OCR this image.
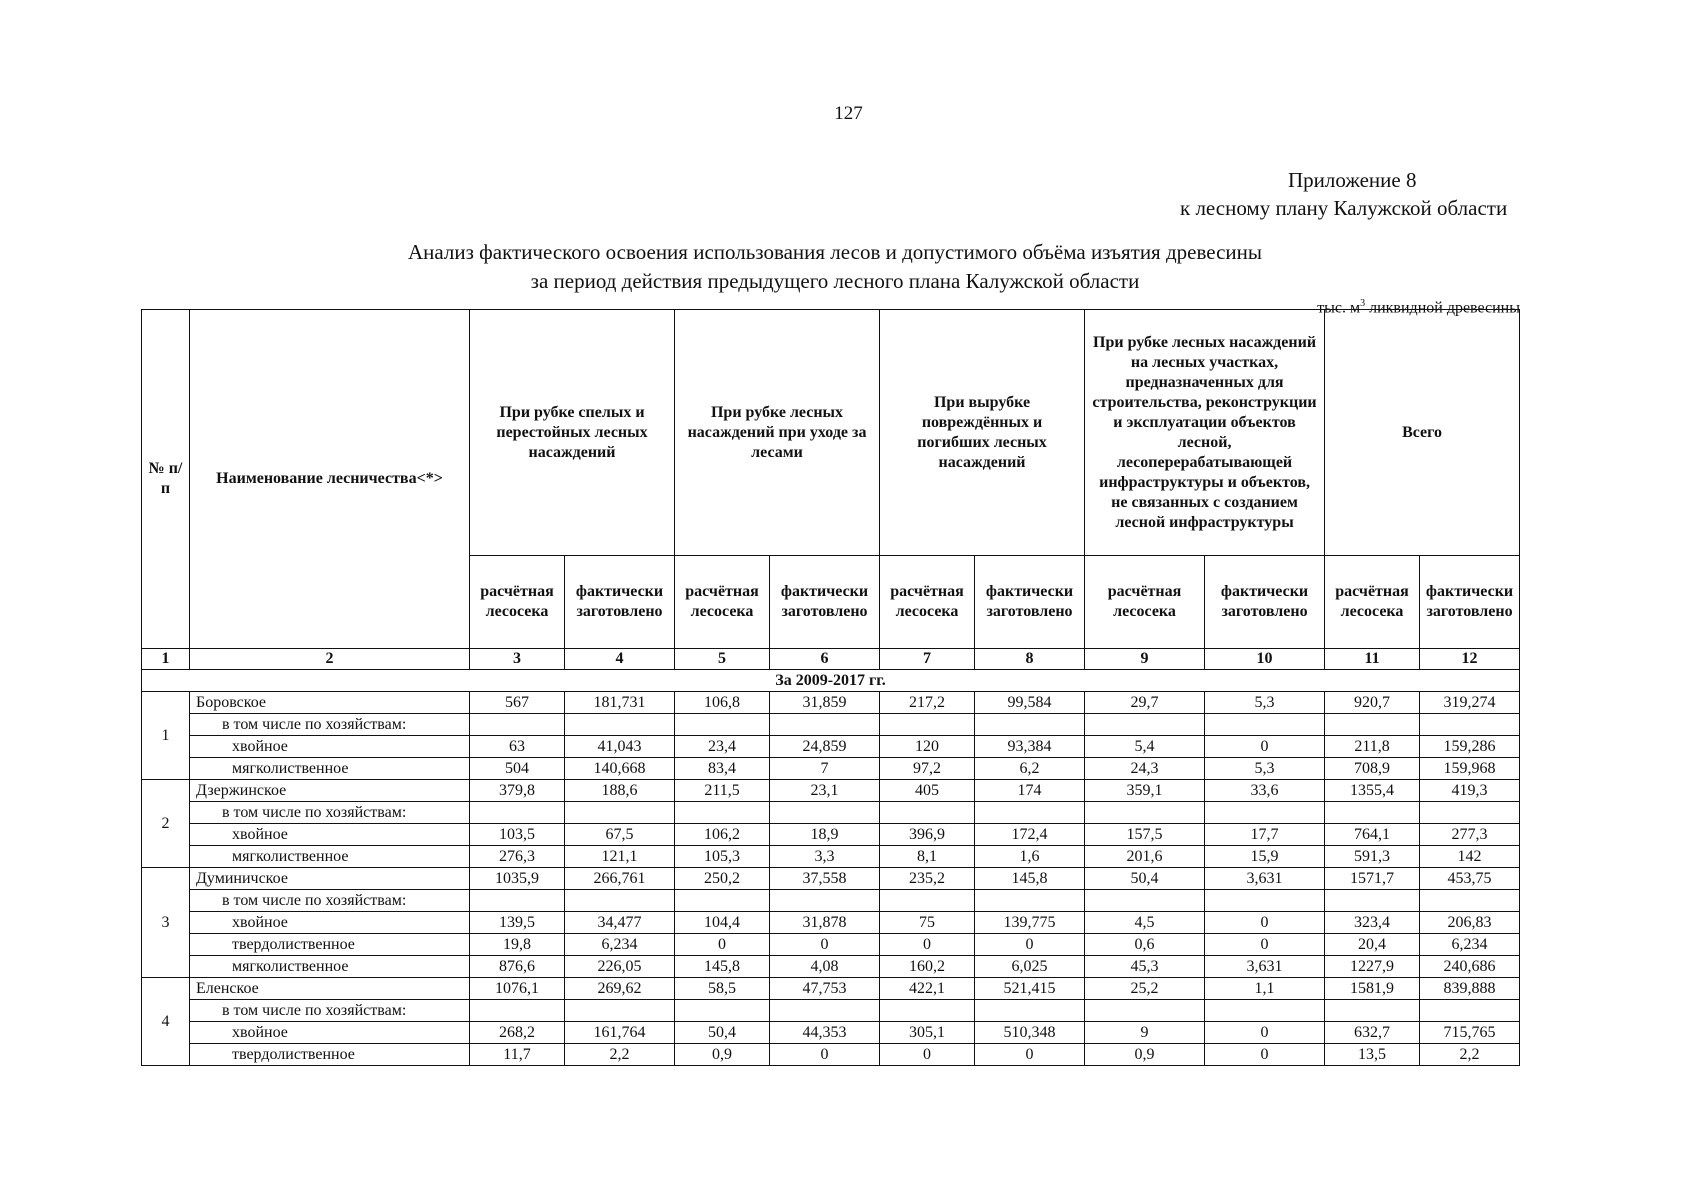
127
Приложение 8
к лесному плану Калужской области
Анализ фактического освоения использования лесов и допустимого объёма изъятия древесины
за период действия предыдущего лесного плана Калужской области
тыс. $м^3$ ликвидной древесины
№ п/п	Наименование лесничества<*>	При рубке спелых и перестойных лесных насаждений		При рубке лесных насаждений при уходе за лесами		При вырубке повреждённых и погибших лесных насаждений		При рубке лесных насаждений на лесных участках, предназначенных для строительства, реконструкции и эксплуатации объектов лесной, лесоперерабатывающей инфраструктуры и объектов, не связанных с созданием лесной инфраструктуры		Всего	
		расчётная лесосека	фактически заготовлено	расчётная лесосека	фактически заготовлено	расчётная лесосека	фактически заготовлено	расчётная лесосека	фактически заготовлено	расчётная лесосека	фактически заготовлено
1	2	3	4	5	6	7	8	9	10	11	12
За 2009-2017 гг.											
1	Боровское	567	181,731	106,8	31,859	217,2	99,584	29,7	5,3	920,7	319,274
	в том числе по хозяйствам:										
	хвойное	63	41,043	23,4	24,859	120	93,384	5,4	0	211,8	159,286
	мягколиственное	504	140,668	83,4	7	97,2	6,2	24,3	5,3	708,9	159,968
2	Дзержинское	379,8	188,6	211,5	23,1	405	174	359,1	33,6	1355,4	419,3
	в том числе по хозяйствам:										
	хвойное	103,5	67,5	106,2	18,9	396,9	172,4	157,5	17,7	764,1	277,3
	мягколиственное	276,3	121,1	105,3	3,3	8,1	1,6	201,6	15,9	591,3	142
3	Думиничское	1035,9	266,761	250,2	37,558	235,2	145,8	50,4	3,631	1571,7	453,75
	в том числе по хозяйствам:										
	хвойное	139,5	34,477	104,4	31,878	75	139,775	4,5	0	323,4	206,83
	твердолиственное	19,8	6,234	0	0	0	0	0,6	0	20,4	6,234
	мягколиственное	876,6	226,05	145,8	4,08	160,2	6,025	45,3	3,631	1227,9	240,686
4	Еленское	1076,1	269,62	58,5	47,753	422,1	521,415	25,2	1,1	1581,9	839,888
	в том числе по хозяйствам:										
	хвойное	268,2	161,764	50,4	44,353	305,1	510,348	9	0	632,7	715,765
	твердолиственное	11,7	2,2	0,9	0	0	0	0,9	0	13,5	2,2
